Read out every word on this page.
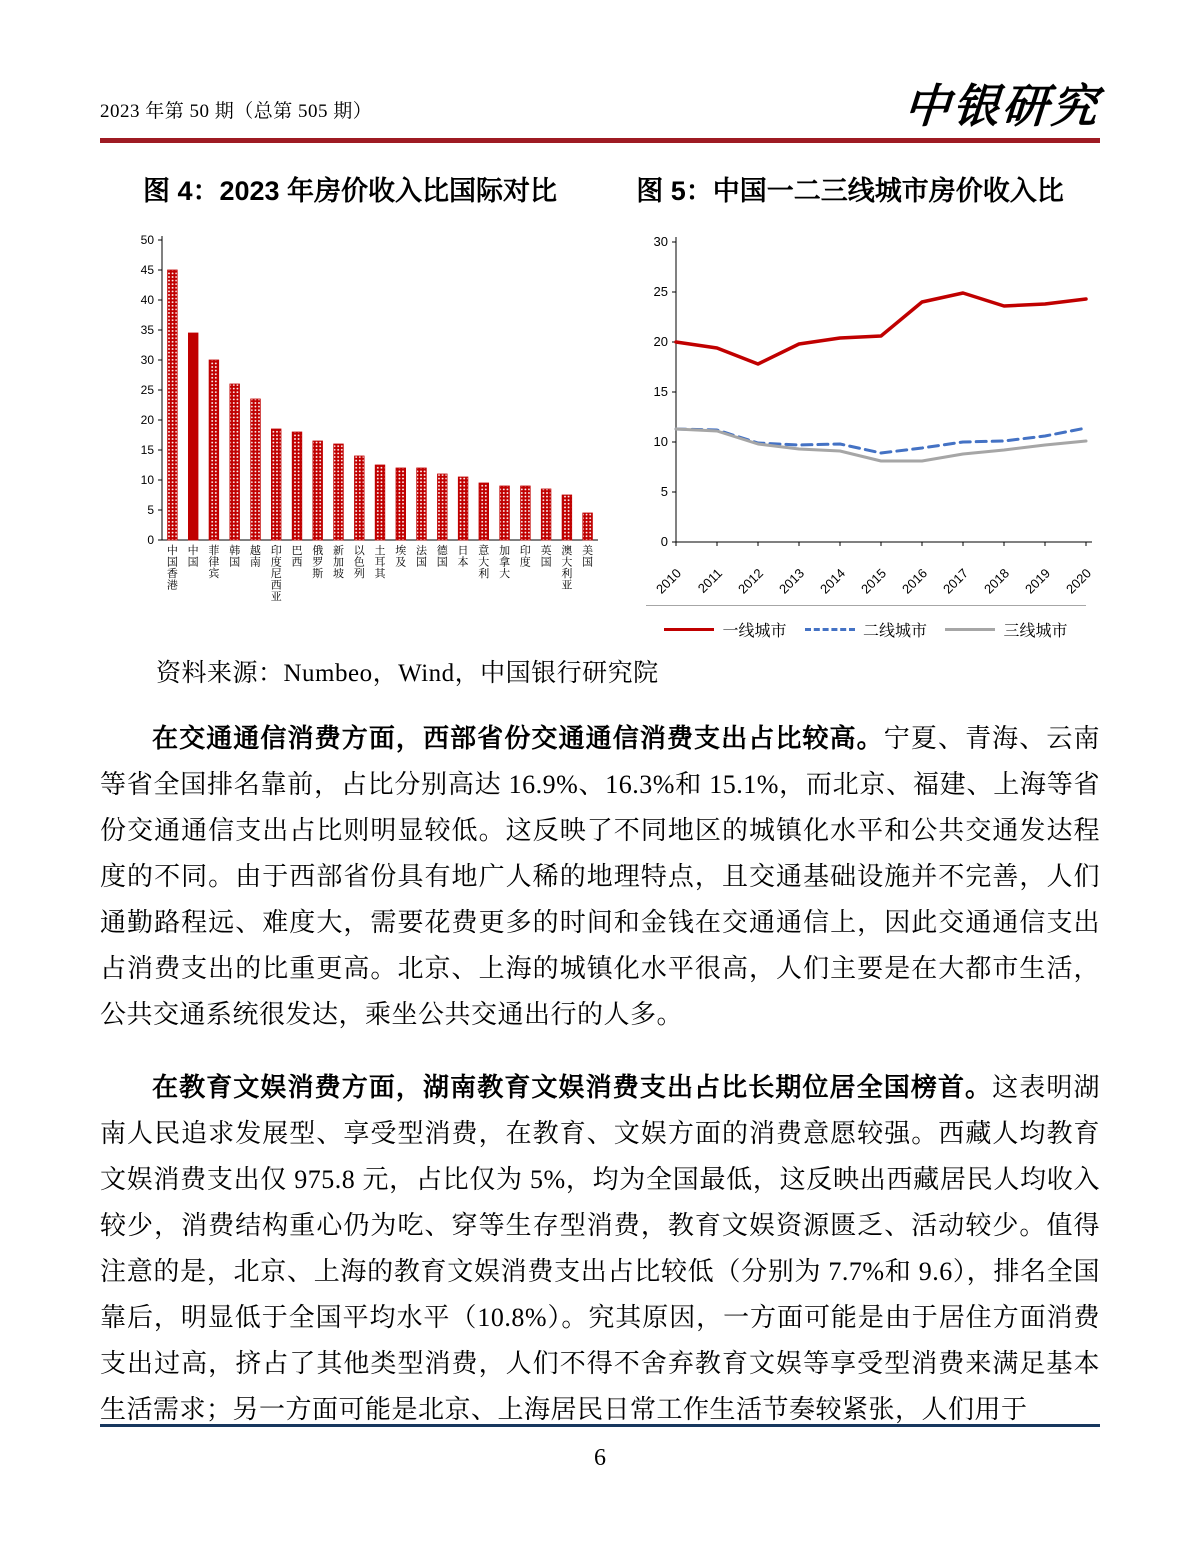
2023 年第 50 期（总第 505 期）	中银研究
图 4：2023 年房价收入比国际对比
0
5
10
15
20
25
30
35
40
45
50
中国香港
中国
菲律宾
韩国
越南
印度尼西亚
巴西
俄罗斯
新加坡
以色列
土耳其
埃及
法国
德国
日本
意大利
加拿大
印度
英国
澳大利亚
美国
图 5：中国一二三线城市房价收入比
0
5
10
15
20
25
30
2010 2011 2012 2013 2014 2015 2016 2017 2018 2019 2020
一线城市	二线城市	三线城市
资料来源：Numbeo，Wind，中国银行研究院

在交通通信消费方面，西部省份交通通信消费支出占比较高。宁夏、青海、云南等省全国排名靠前，占比分别高达 16.9%、16.3%和 15.1%，而北京、福建、上海等省份交通通信支出占比则明显较低。这反映了不同地区的城镇化水平和公共交通发达程度的不同。由于西部省份具有地广人稀的地理特点，且交通基础设施并不完善，人们通勤路程远、难度大，需要花费更多的时间和金钱在交通通信上，因此交通通信支出占消费支出的比重更高。北京、上海的城镇化水平很高，人们主要是在大都市生活，公共交通系统很发达，乘坐公共交通出行的人多。

在教育文娱消费方面，湖南教育文娱消费支出占比长期位居全国榜首。这表明湖南人民追求发展型、享受型消费，在教育、文娱方面的消费意愿较强。西藏人均教育文娱消费支出仅 975.8 元，占比仅为 5%，均为全国最低，这反映出西藏居民人均收入较少，消费结构重心仍为吃、穿等生存型消费，教育文娱资源匮乏、活动较少。值得注意的是，北京、上海的教育文娱消费支出占比较低（分别为 7.7%和 9.6），排名全国靠后，明显低于全国平均水平（10.8%）。究其原因，一方面可能是由于居住方面消费支出过高，挤占了其他类型消费，人们不得不舍弃教育文娱等享受型消费来满足基本生活需求；另一方面可能是北京、上海居民日常工作生活节奏较紧张，人们用于

6
